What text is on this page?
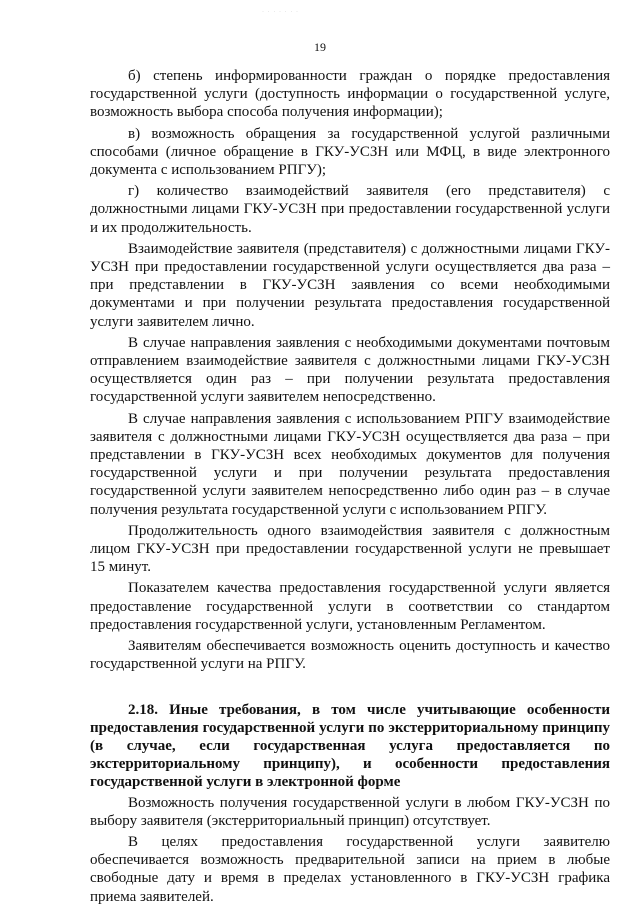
· · · · · · ·
19

б) степень информированности граждан о порядке предоставления государственной услуги (доступность информации о государственной услуге, возможность выбора способа получения информации);

в) возможность обращения за государственной услугой различными способами (личное обращение в ГКУ-УСЗН или МФЦ, в виде электронного документа с использованием РПГУ);

г) количество взаимодействий заявителя (его представителя) с должностными лицами ГКУ-УСЗН при предоставлении государственной услуги и их продолжительность.

Взаимодействие заявителя (представителя) с должностными лицами ГКУ-УСЗН при предоставлении государственной услуги осуществляется два раза – при представлении в ГКУ-УСЗН заявления со всеми необходимыми документами и при получении результата предоставления государственной услуги заявителем лично.

В случае направления заявления с необходимыми документами почтовым отправлением взаимодействие заявителя с должностными лицами ГКУ-УСЗН осуществляется один раз – при получении результата предоставления государственной услуги заявителем непосредственно.

В случае направления заявления с использованием РПГУ взаимодействие заявителя с должностными лицами ГКУ-УСЗН осуществляется два раза – при представлении в ГКУ-УСЗН всех необходимых документов для получения государственной услуги и при получении результата предоставления государственной услуги заявителем непосредственно либо один раз – в случае получения результата государственной услуги с использованием РПГУ.

Продолжительность одного взаимодействия заявителя с должностным лицом ГКУ-УСЗН при предоставлении государственной услуги не превышает 15 минут.

Показателем качества предоставления государственной услуги является предоставление государственной услуги в соответствии со стандартом предоставления государственной услуги, установленным Регламентом.

Заявителям обеспечивается возможность оценить доступность и качество государственной услуги на РПГУ.

2.18. Иные требования, в том числе учитывающие особенности предоставления государственной услуги по экстерриториальному принципу (в случае, если государственная услуга предоставляется по экстерриториальному принципу), и особенности предоставления государственной услуги в электронной форме

Возможность получения государственной услуги в любом ГКУ-УСЗН по выбору заявителя (экстерриториальный принцип) отсутствует.

В целях предоставления государственной услуги заявителю обеспечивается возможность предварительной записи на прием в любые свободные дату и время в пределах установленного в ГКУ-УСЗН графика приема заявителей.
